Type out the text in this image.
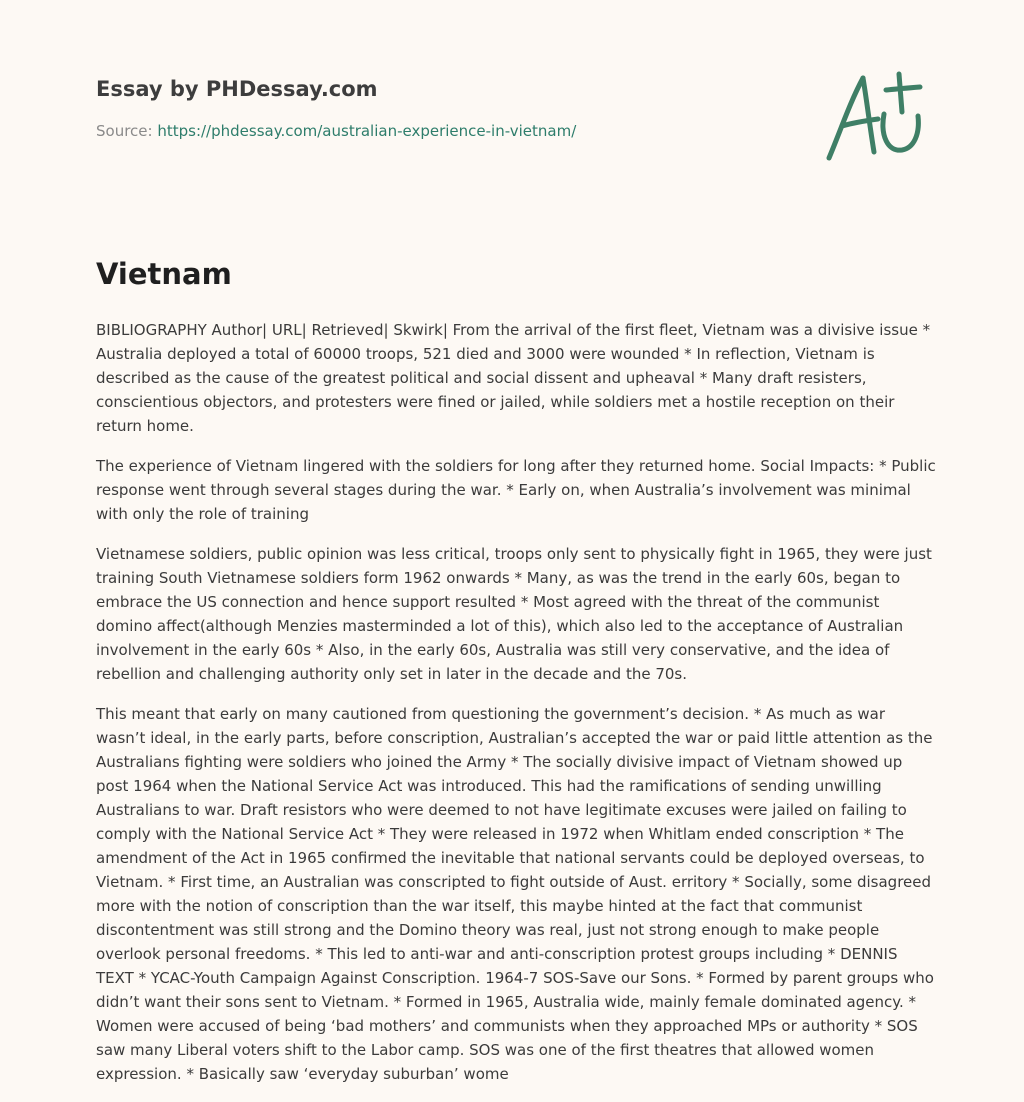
Essay by PHDessay.com
Source: https://phdessay.com/australian-experience-in-vietnam/
Vietnam

BIBLIOGRAPHY Author| URL| Retrieved| Skwirk| From the arrival of the first fleet, Vietnam was a divisive issue * Australia deployed a total of 60000 troops, 521 died and 3000 were wounded * In reflection, Vietnam is described as the cause of the greatest political and social dissent and upheaval * Many draft resisters, conscientious objectors, and protesters were fined or jailed, while soldiers met a hostile reception on their return home.

The experience of Vietnam lingered with the soldiers for long after they returned home. Social Impacts: * Public response went through several stages during the war. * Early on, when Australia’s involvement was minimal with only the role of training

Vietnamese soldiers, public opinion was less critical, troops only sent to physically fight in 1965, they were just training South Vietnamese soldiers form 1962 onwards * Many, as was the trend in the early 60s, began to embrace the US connection and hence support resulted * Most agreed with the threat of the communist domino affect(although Menzies masterminded a lot of this), which also led to the acceptance of Australian involvement in the early 60s * Also, in the early 60s, Australia was still very conservative, and the idea of rebellion and challenging authority only set in later in the decade and the 70s.

This meant that early on many cautioned from questioning the government’s decision. * As much as war wasn’t ideal, in the early parts, before conscription, Australian’s accepted the war or paid little attention as the Australians fighting were soldiers who joined the Army * The socially divisive impact of Vietnam showed up post 1964 when the National Service Act was introduced. This had the ramifications of sending unwilling Australians to war. Draft resistors who were deemed to not have legitimate excuses were jailed on failing to comply with the National Service Act * They were released in 1972 when Whitlam ended conscription * The amendment of the Act in 1965 confirmed the inevitable that national servants could be deployed overseas, to Vietnam. * First time, an Australian was conscripted to fight outside of Aust. erritory * Socially, some disagreed more with the notion of conscription than the war itself, this maybe hinted at the fact that communist discontentment was still strong and the Domino theory was real, just not strong enough to make people overlook personal freedoms. * This led to anti-war and anti-conscription protest groups including * DENNIS TEXT * YCAC-Youth Campaign Against Conscription. 1964-7 SOS-Save our Sons. * Formed by parent groups who didn’t want their sons sent to Vietnam. * Formed in 1965, Australia wide, mainly female dominated agency. * Women were accused of being ‘bad mothers’ and communists when they approached MPs or authority * SOS saw many Liberal voters shift to the Labor camp. SOS was one of the first theatres that allowed women expression. * Basically saw ‘everyday suburban’ wome
